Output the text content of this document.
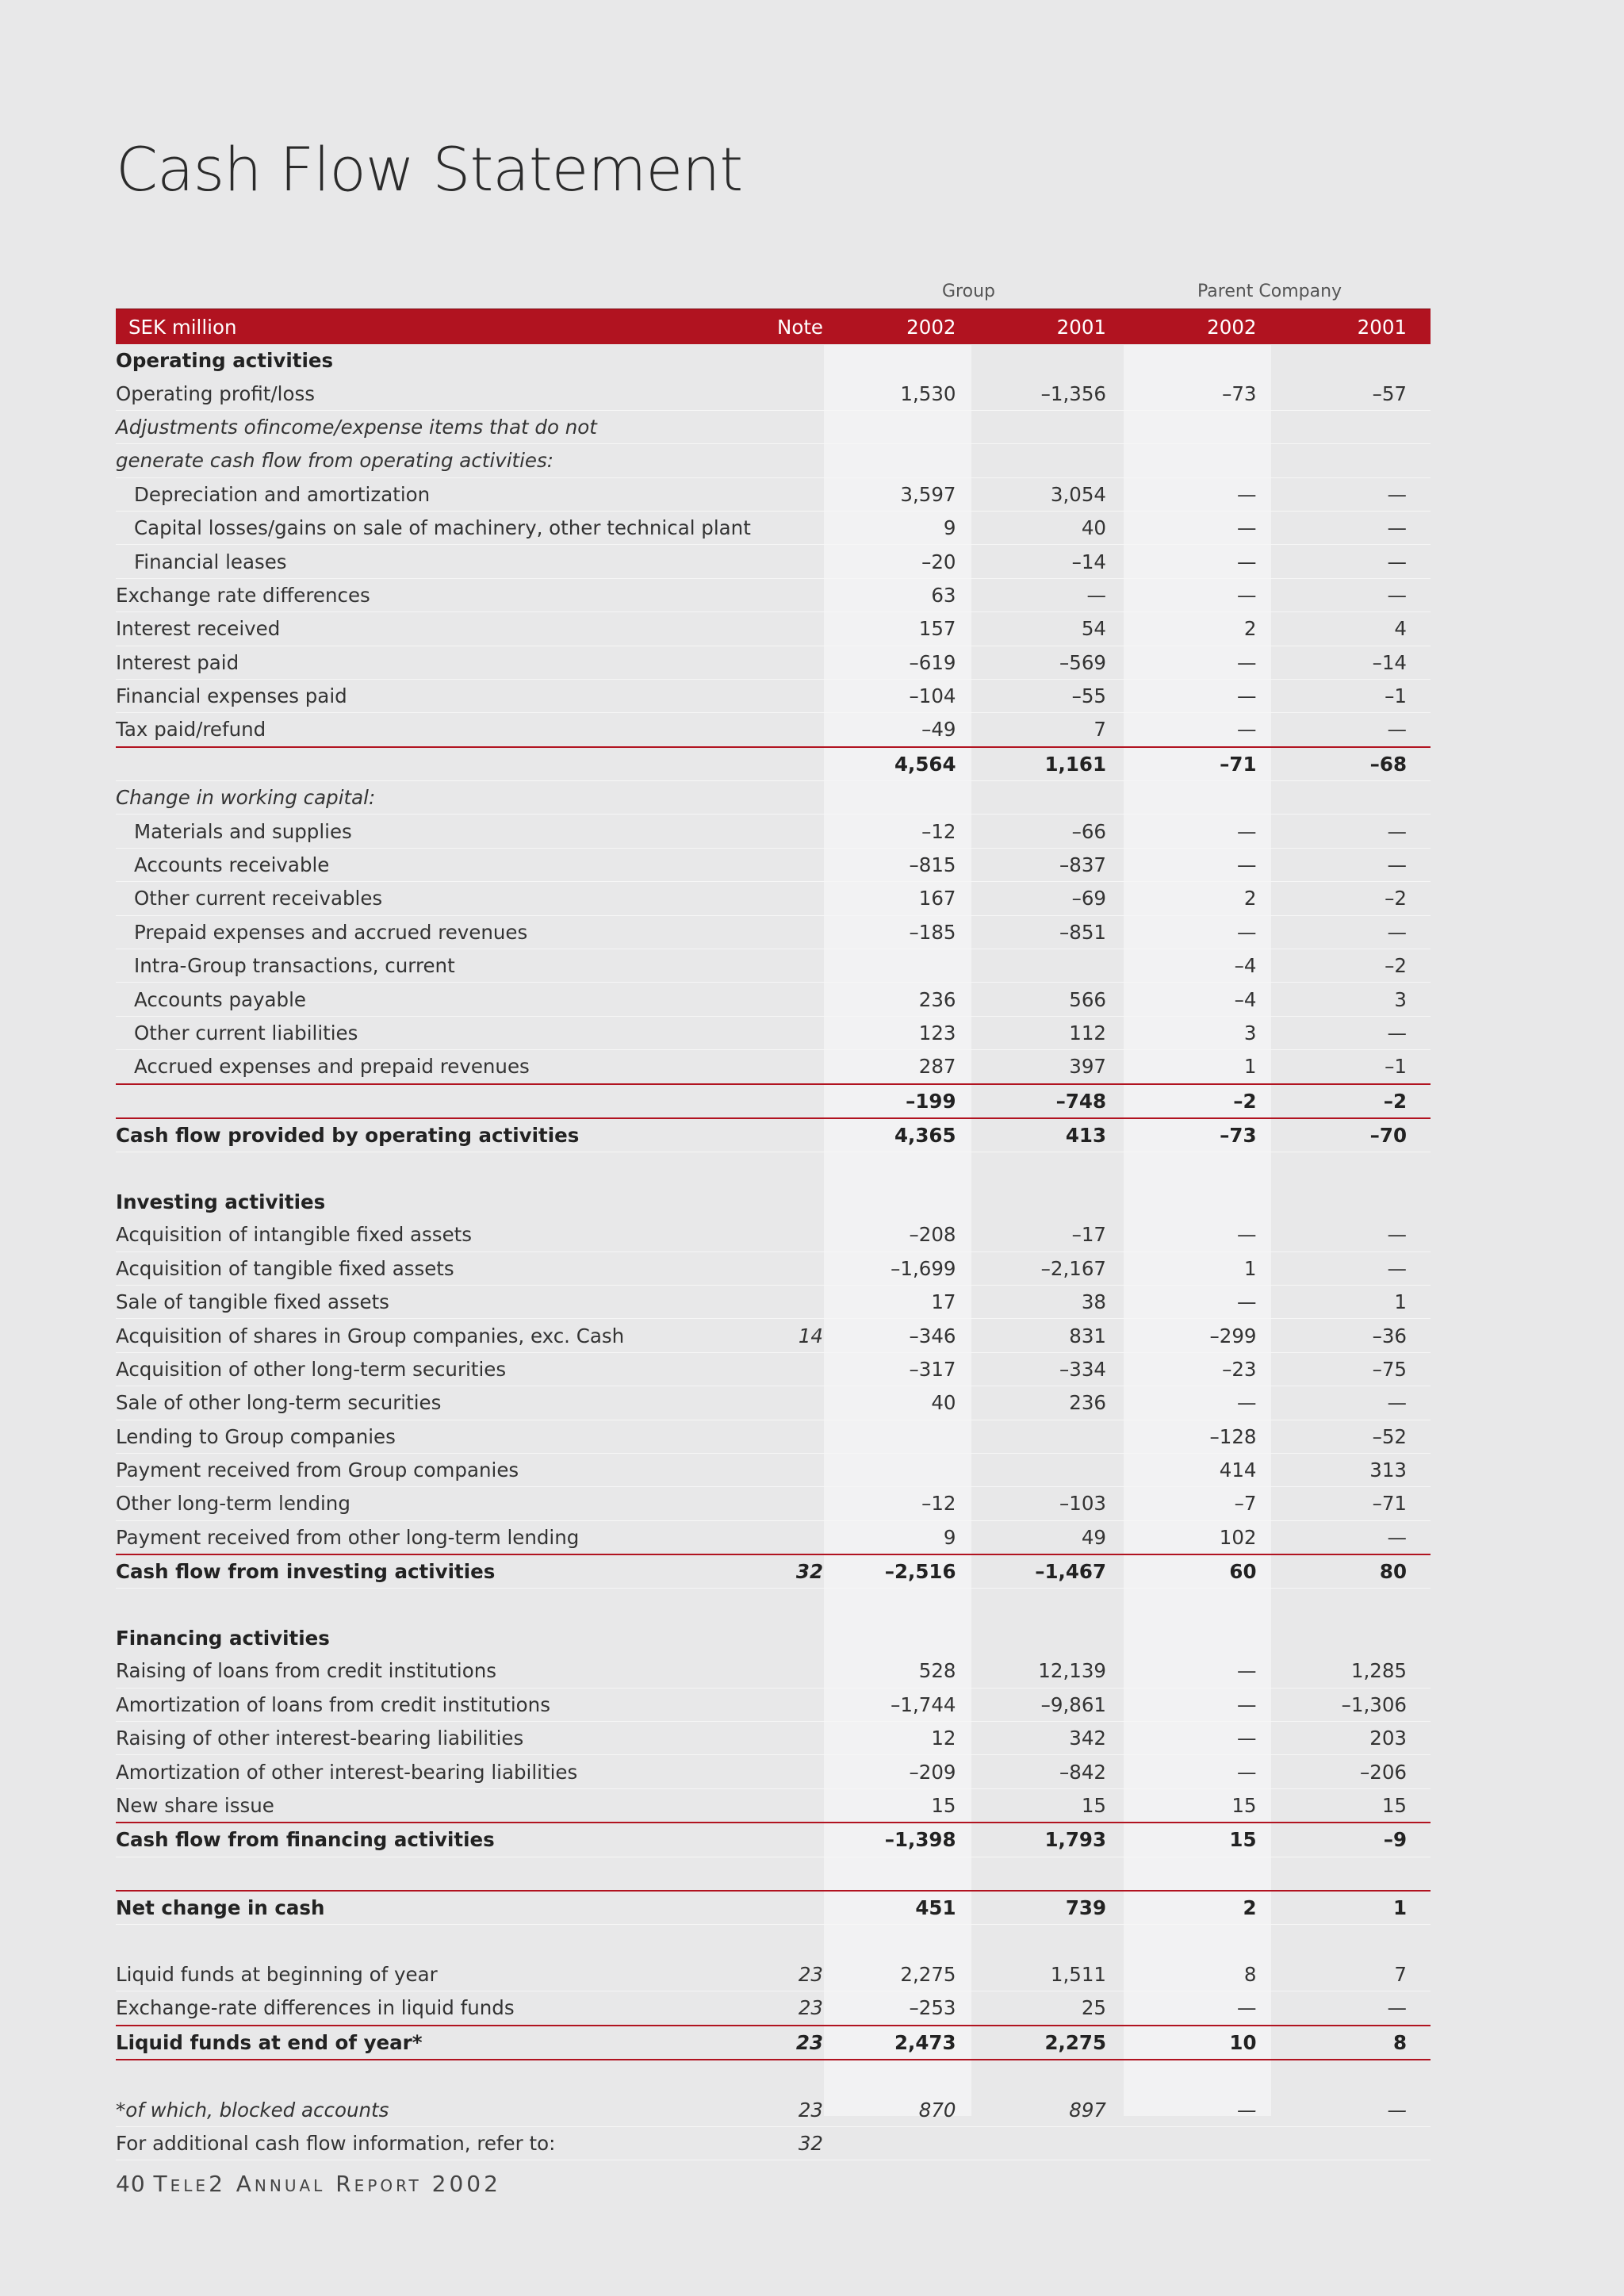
Cash Flow Statement
Group	Parent Company
SEK million	Note	2002	2001	2002	2001
Operating activities					
Operating profit/loss		1,530	–1,356	–73	–57
Adjustments ofincome/expense items that do not					
generate cash flow from operating activities:					
Depreciation and amortization		3,597	3,054	—	—
Capital losses/gains on sale of machinery, other technical plant		9	40	—	—
Financial leases		–20	–14	—	—
Exchange rate differences		63	—	—	—
Interest received		157	54	2	4
Interest paid		–619	–569	—	–14
Financial expenses paid		–104	–55	—	–1
Tax paid/refund		–49	7	—	—
		4,564	1,161	–71	–68
Change in working capital:					
Materials and supplies		–12	–66	—	—
Accounts receivable		–815	–837	—	—
Other current receivables		167	–69	2	–2
Prepaid expenses and accrued revenues		–185	–851	—	—
Intra-Group transactions, current				–4	–2
Accounts payable		236	566	–4	3
Other current liabilities		123	112	3	—
Accrued expenses and prepaid revenues		287	397	1	–1
		–199	–748	–2	–2
Cash flow provided by operating activities		4,365	413	–73	–70

Investing activities					
Acquisition of intangible fixed assets		–208	–17	—	—
Acquisition of tangible fixed assets		–1,699	–2,167	1	—
Sale of tangible fixed assets		17	38	—	1
Acquisition of shares in Group companies, exc. Cash	14	–346	831	–299	–36
Acquisition of other long-term securities		–317	–334	–23	–75
Sale of other long-term securities		40	236	—	—
Lending to Group companies				–128	–52
Payment received from Group companies				414	313
Other long-term lending		–12	–103	–7	–71
Payment received from other long-term lending		9	49	102	—
Cash flow from investing activities	32	–2,516	–1,467	60	80

Financing activities					
Raising of loans from credit institutions		528	12,139	—	1,285
Amortization of loans from credit institutions		–1,744	–9,861	—	–1,306
Raising of other interest-bearing liabilities		12	342	—	203
Amortization of other interest-bearing liabilities		–209	–842	—	–206
New share issue		15	15	15	15
Cash flow from financing activities		–1,398	1,793	15	–9

Net change in cash		451	739	2	1

Liquid funds at beginning of year	23	2,275	1,511	8	7
Exchange-rate differences in liquid funds	23	–253	25	—	—
Liquid funds at end of year*	23	2,473	2,275	10	8

*of which, blocked accounts	23	870	897	—	—
For additional cash flow information, refer to:	32				
40 Tele2 Annual Report 2002
